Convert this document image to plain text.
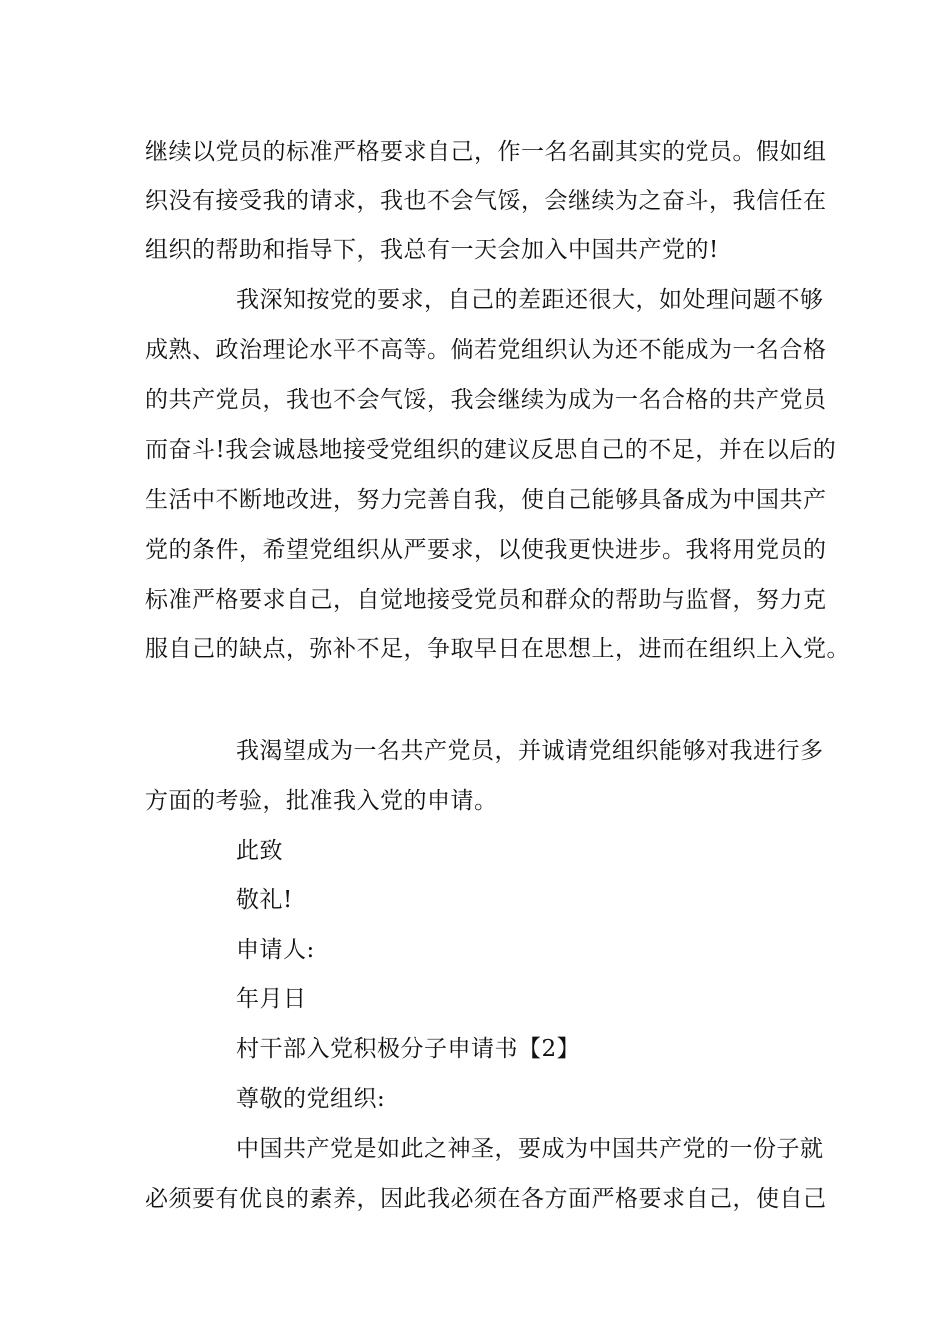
继续以党员的标准严格要求自己，作一名名副其实的党员。假如组
织没有接受我的请求，我也不会气馁，会继续为之奋斗，我信任在
组织的帮助和指导下，我总有一天会加入中国共产党的!
我深知按党的要求，自己的差距还很大，如处理问题不够
成熟、政治理论水平不高等。倘若党组织认为还不能成为一名合格
的共产党员，我也不会气馁，我会继续为成为一名合格的共产党员
而奋斗!我会诚恳地接受党组织的建议反思自己的不足，并在以后的
生活中不断地改进，努力完善自我，使自己能够具备成为中国共产
党的条件，希望党组织从严要求，以使我更快进步。我将用党员的
标准严格要求自己，自觉地接受党员和群众的帮助与监督，努力克
服自己的缺点，弥补不足，争取早日在思想上，进而在组织上入党。
我渴望成为一名共产党员，并诚请党组织能够对我进行多
方面的考验，批准我入党的申请。
此致
敬礼!
申请人:
年月日
村干部入党积极分子申请书【2】
尊敬的党组织:
中国共产党是如此之神圣，要成为中国共产党的一份子就
必须要有优良的素养，因此我必须在各方面严格要求自己，使自己
